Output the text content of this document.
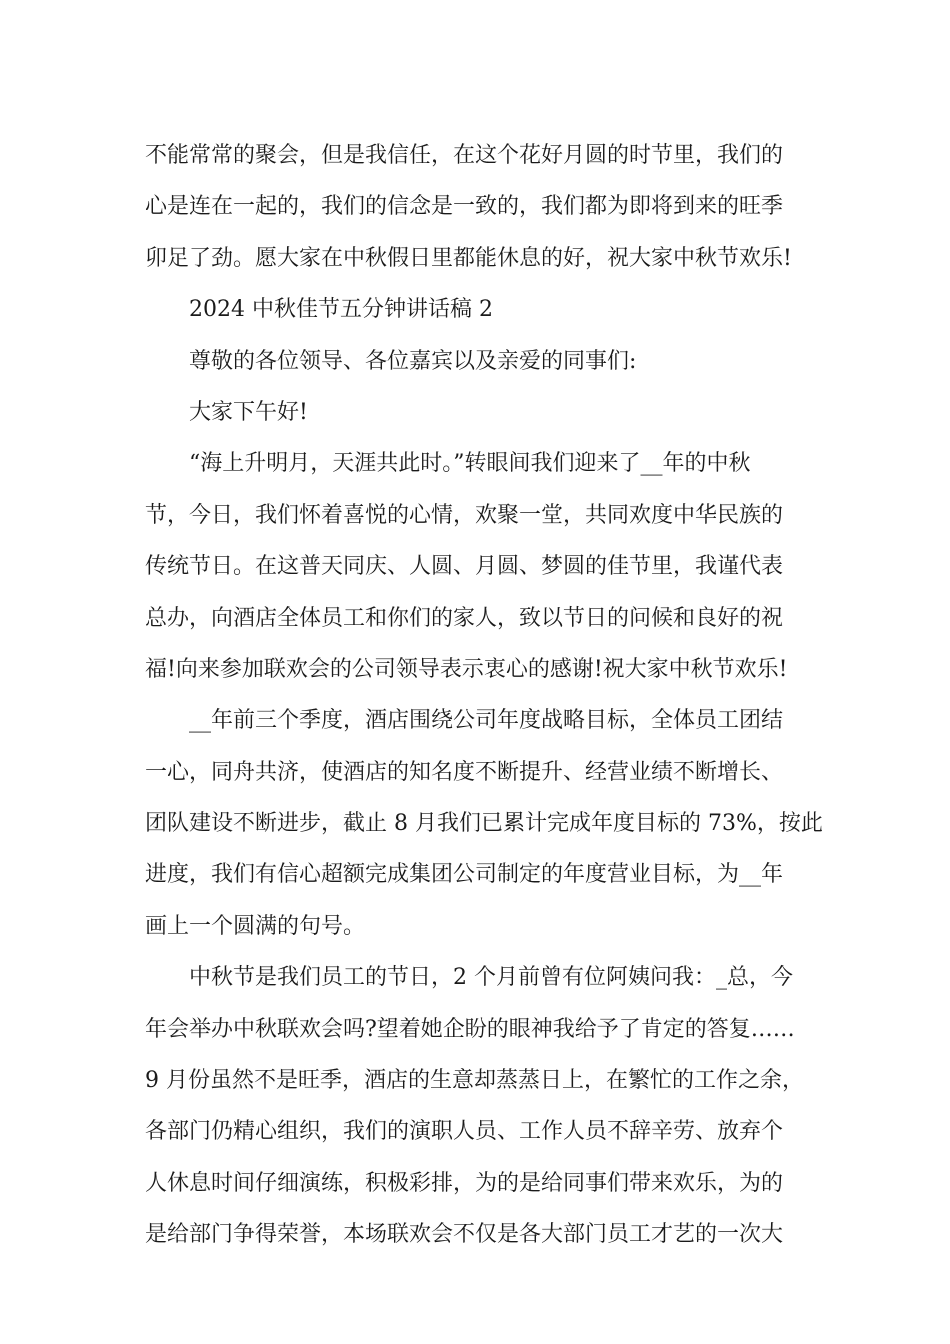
不能常常的聚会，但是我信任，在这个花好月圆的时节里，我们的
心是连在一起的，我们的信念是一致的，我们都为即将到来的旺季
卯足了劲。愿大家在中秋假日里都能休息的好，祝大家中秋节欢乐!
2024 中秋佳节五分钟讲话稿 2
尊敬的各位领导、各位嘉宾以及亲爱的同事们:
大家下午好!
“海上升明月，天涯共此时。”转眼间我们迎来了__年的中秋
节，今日，我们怀着喜悦的心情，欢聚一堂，共同欢度中华民族的
传统节日。在这普天同庆、人圆、月圆、梦圆的佳节里，我谨代表
总办，向酒店全体员工和你们的家人，致以节日的问候和良好的祝
福!向来参加联欢会的公司领导表示衷心的感谢!祝大家中秋节欢乐!
__年前三个季度，酒店围绕公司年度战略目标，全体员工团结
一心，同舟共济，使酒店的知名度不断提升、经营业绩不断增长、
团队建设不断进步，截止 8 月我们已累计完成年度目标的 73%，按此
进度，我们有信心超额完成集团公司制定的年度营业目标，为__年
画上一个圆满的句号。
中秋节是我们员工的节日，2 个月前曾有位阿姨问我：_总，今
年会举办中秋联欢会吗?望着她企盼的眼神我给予了肯定的答复……
9 月份虽然不是旺季，酒店的生意却蒸蒸日上，在繁忙的工作之余，
各部门仍精心组织，我们的演职人员、工作人员不辞辛劳、放弃个
人休息时间仔细演练，积极彩排，为的是给同事们带来欢乐，为的
是给部门争得荣誉，本场联欢会不仅是各大部门员工才艺的一次大
